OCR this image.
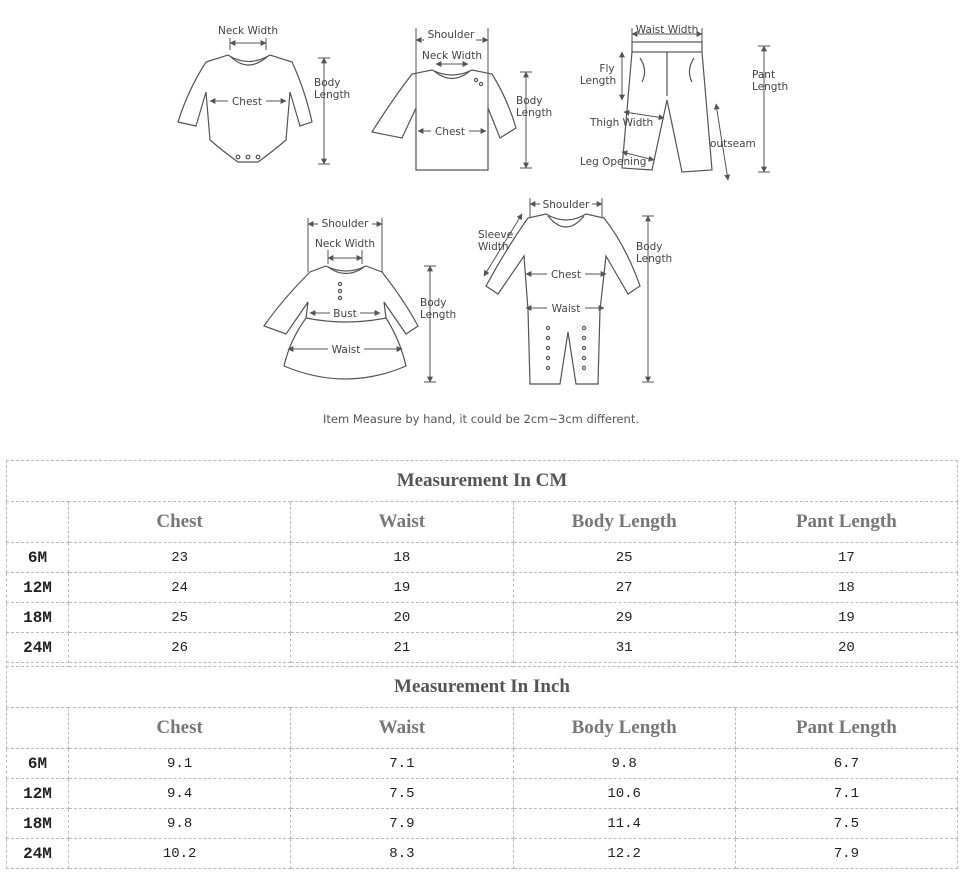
Neck Width
Body
Length
Chest
Shoulder
Neck Width
Body
Length
Chest
Waist Width
Fly
Length	Pant
Length
Thigh Width
outseam
Leg Opening
Shoulder
Neck Width
Body
Length
Bust
Waist
Shoulder
Sleeve
Width	Body
Length
Chest
Waist
Item Measure by hand, it could be 2cm~3cm different.
Measurement In CM				
	Chest	Waist	Body Length	Pant Length
6M	23	18	25	17
12M	24	19	27	18
18M	25	20	29	19
24M	26	21	31	20
Measurement In Inch				
	Chest	Waist	Body Length	Pant Length
6M	9.1	7.1	9.8	6.7
12M	9.4	7.5	10.6	7.1
18M	9.8	7.9	11.4	7.5
24M	10.2	8.3	12.2	7.9
